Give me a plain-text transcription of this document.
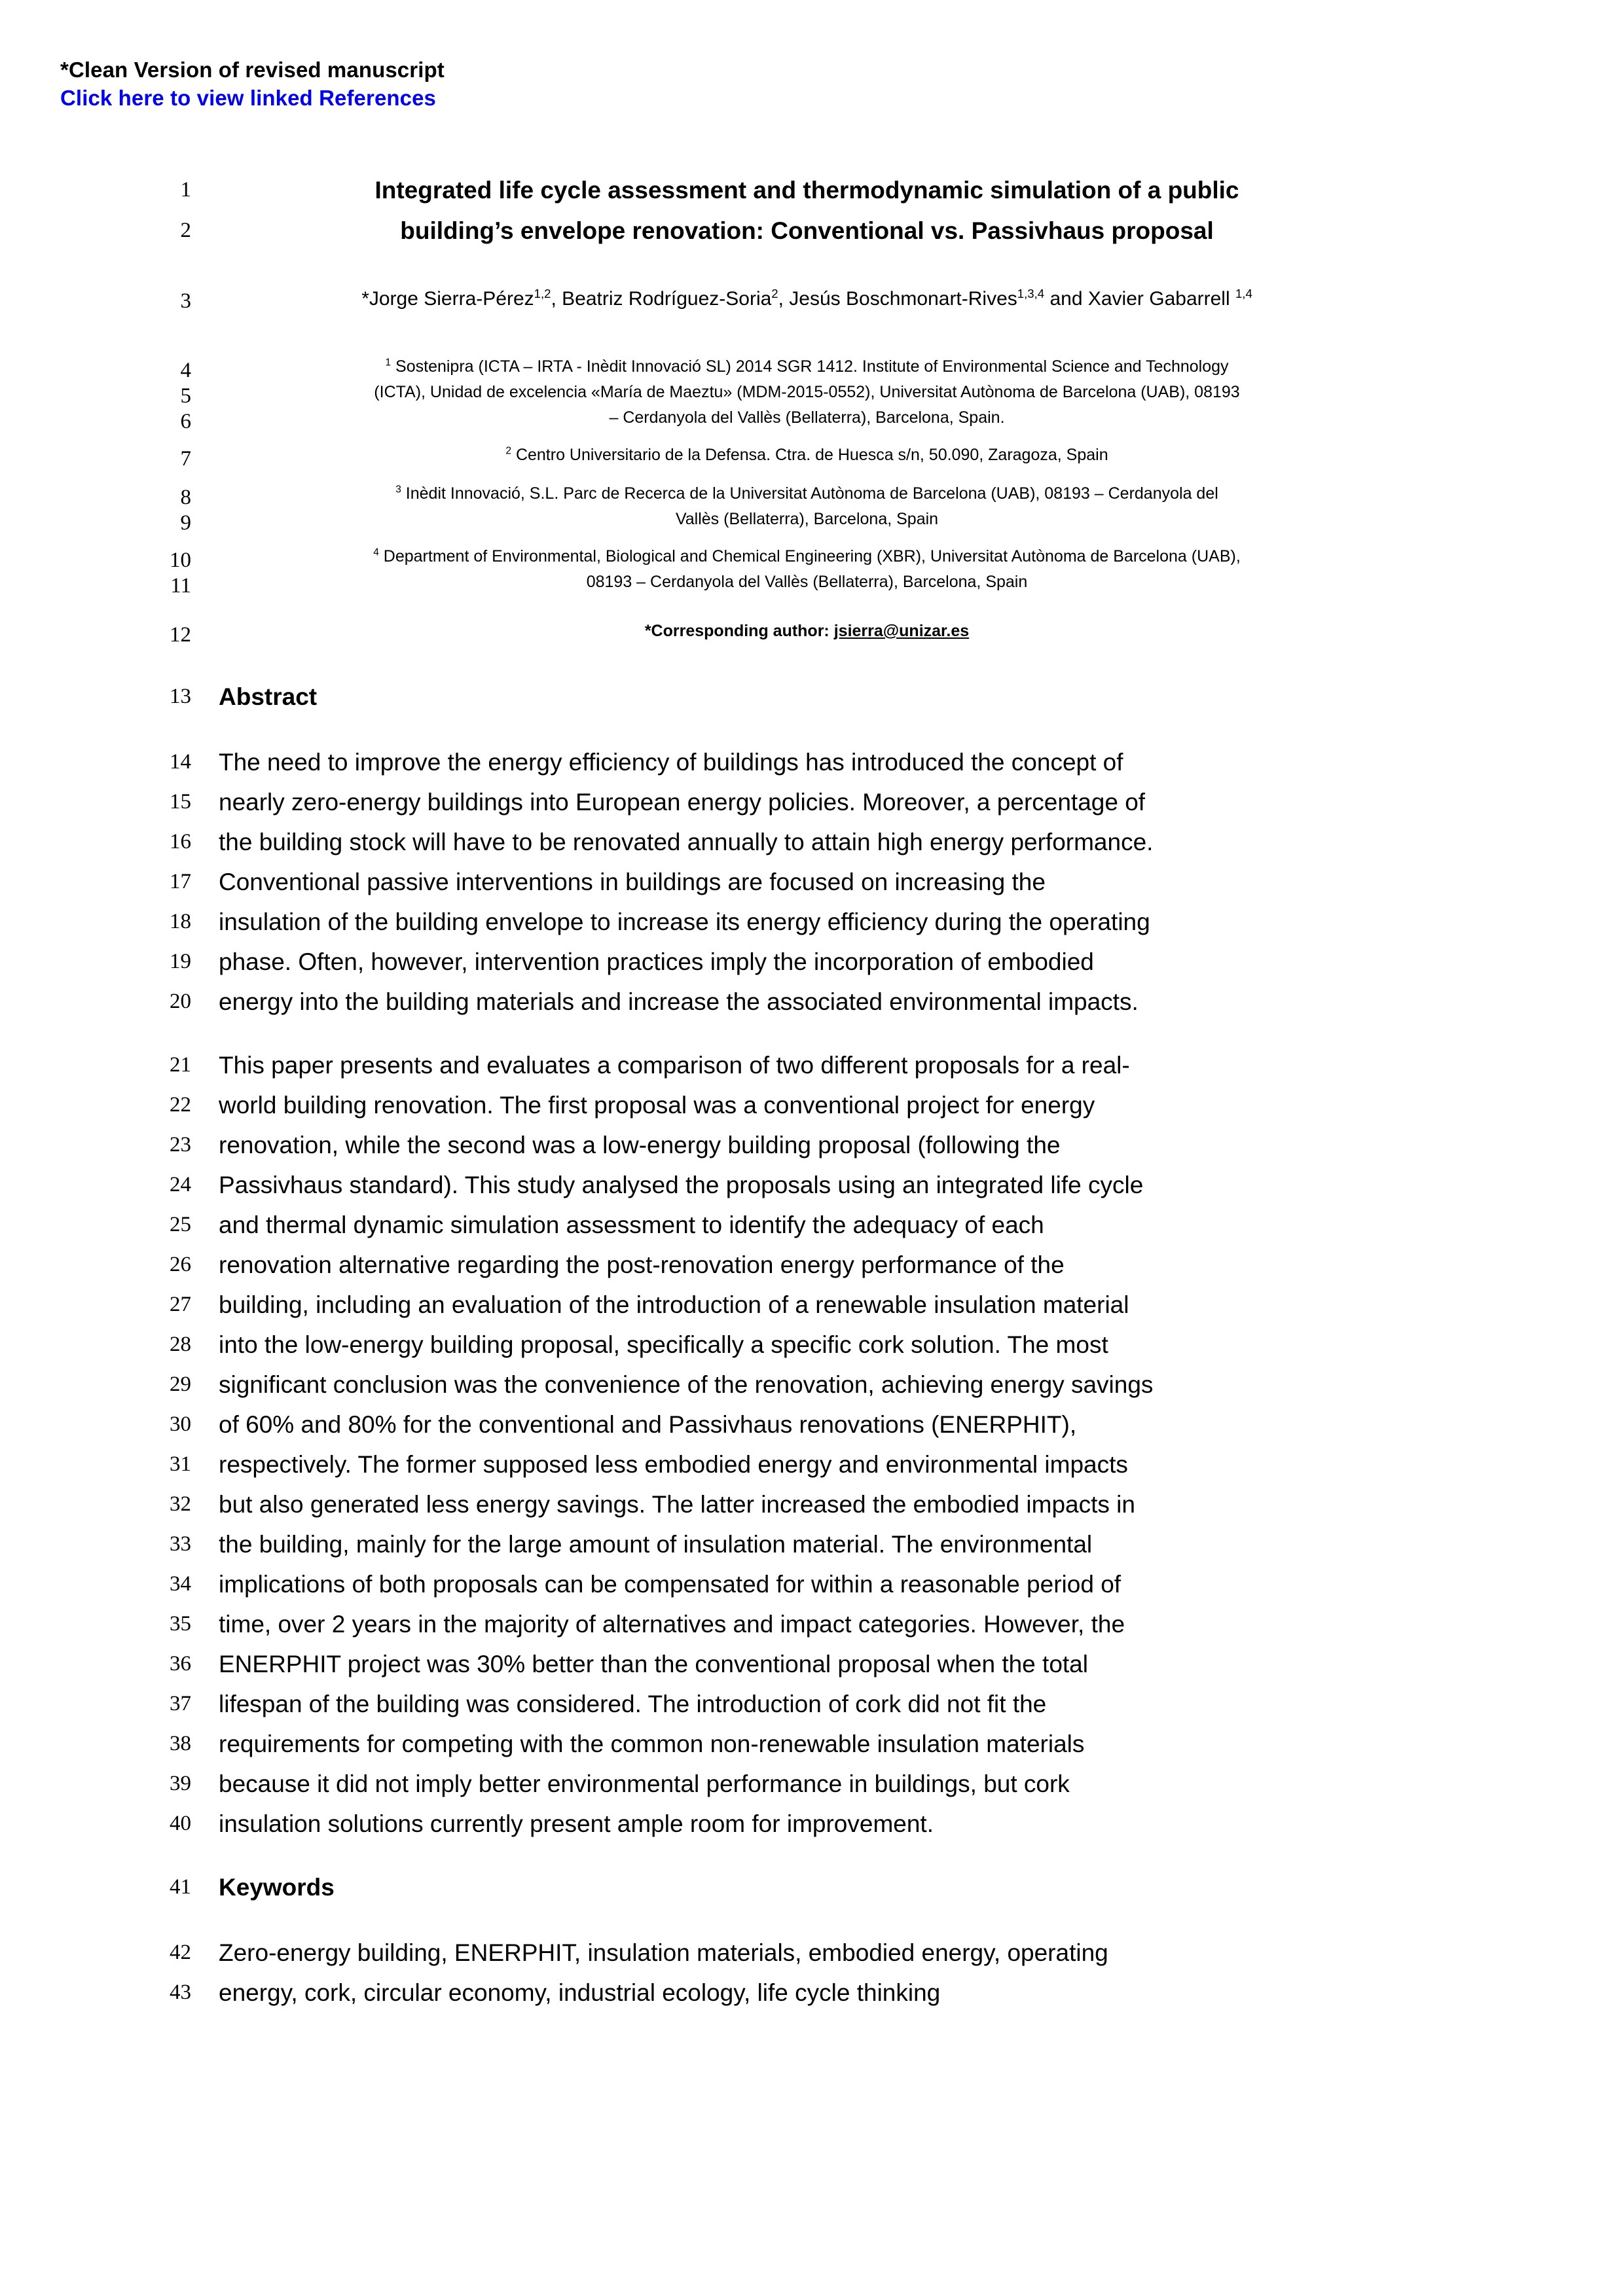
*Clean Version of revised manuscript
Click here to view linked References
1	Integrated life cycle assessment and thermodynamic simulation of a public
2	building’s envelope renovation: Conventional vs. Passivhaus proposal
3	*Jorge Sierra-Pérez$^{1,2}$, Beatriz Rodríguez-Soria$^2$, Jesús Boschmonart-Rives$^{1,3,4}$ and Xavier Gabarrell $^{1,4}$
4	$^1$ Sostenipra (ICTA – IRTA - Inèdit Innovació SL) 2014 SGR 1412. Institute of Environmental Science and Technology
5	(ICTA), Unidad de excelencia «María de Maeztu» (MDM-2015-0552), Universitat Autònoma de Barcelona (UAB), 08193
6	– Cerdanyola del Vallès (Bellaterra), Barcelona, Spain.
7	$^2$ Centro Universitario de la Defensa. Ctra. de Huesca s/n, 50.090, Zaragoza, Spain
8	$^3$ Inèdit Innovació, S.L. Parc de Recerca de la Universitat Autònoma de Barcelona (UAB), 08193 – Cerdanyola del
9	Vallès (Bellaterra), Barcelona, Spain
10	$^4$ Department of Environmental, Biological and Chemical Engineering (XBR), Universitat Autònoma de Barcelona (UAB),
11	08193 – Cerdanyola del Vallès (Bellaterra), Barcelona, Spain
12	*Corresponding author: jsierra@unizar.es
13 Abstract
14 The need to improve the energy efficiency of buildings has introduced the concept of
15 nearly zero-energy buildings into European energy policies. Moreover, a percentage of
16 the building stock will have to be renovated annually to attain high energy performance.
17 Conventional passive interventions in buildings are focused on increasing the
18 insulation of the building envelope to increase its energy efficiency during the operating
19 phase. Often, however, intervention practices imply the incorporation of embodied
20 energy into the building materials and increase the associated environmental impacts.
21 This paper presents and evaluates a comparison of two different proposals for a real-
22 world building renovation. The first proposal was a conventional project for energy
23 renovation, while the second was a low-energy building proposal (following the
24 Passivhaus standard). This study analysed the proposals using an integrated life cycle
25 and thermal dynamic simulation assessment to identify the adequacy of each
26 renovation alternative regarding the post-renovation energy performance of the
27 building, including an evaluation of the introduction of a renewable insulation material
28 into the low-energy building proposal, specifically a specific cork solution. The most
29 significant conclusion was the convenience of the renovation, achieving energy savings
30 of 60% and 80% for the conventional and Passivhaus renovations (ENERPHIT),
31 respectively. The former supposed less embodied energy and environmental impacts
32 but also generated less energy savings. The latter increased the embodied impacts in
33 the building, mainly for the large amount of insulation material. The environmental
34 implications of both proposals can be compensated for within a reasonable period of
35 time, over 2 years in the majority of alternatives and impact categories. However, the
36 ENERPHIT project was 30% better than the conventional proposal when the total
37 lifespan of the building was considered. The introduction of cork did not fit the
38 requirements for competing with the common non-renewable insulation materials
39 because it did not imply better environmental performance in buildings, but cork
40 insulation solutions currently present ample room for improvement.
41 Keywords
42 Zero-energy building, ENERPHIT, insulation materials, embodied energy, operating
43 energy, cork, circular economy, industrial ecology, life cycle thinking
